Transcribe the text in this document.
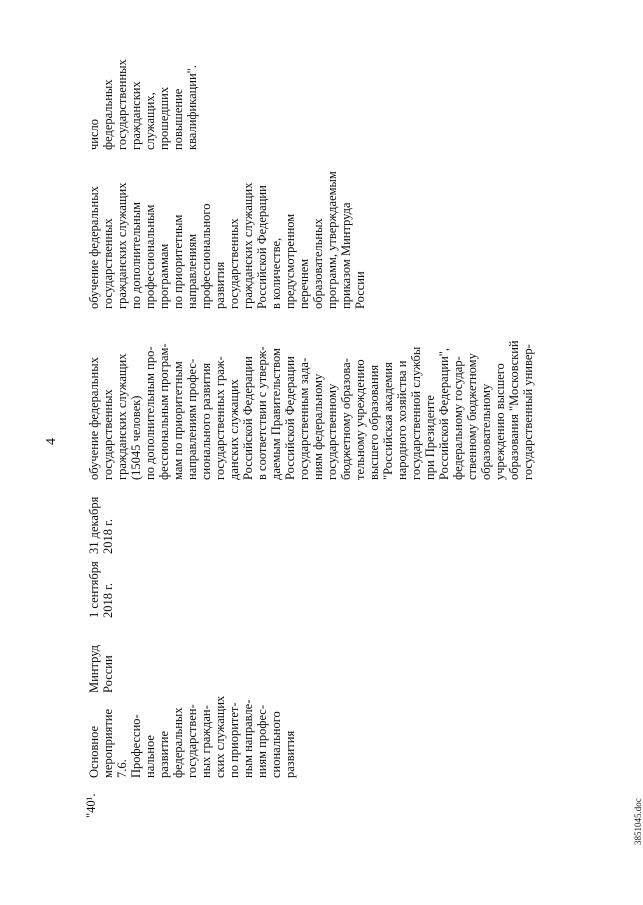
4
"40¹.
Основное
мероприятие
7.6.
Профессио-
нальное
развитие
федеральных
государствен-
ных граждан-
ских служащих
по приоритет-
ным направле-
ниям профес-
сионального
развития
Минтруд
России
1 сентября
2018 г.
31 декабря
2018 г.
обучение федеральных
государственных
гражданских служащих
(15045 человек)
по дополнительным про-
фессиональным програм-
мам по приоритетным
направлениям профес-
сионального развития
государственных граж-
данских служащих
Российской Федерации
в соответствии с утверж-
даемым Правительством
Российской Федерации
государственным зада-
ниям федеральному
государственному
бюджетному образова-
тельному учреждению
высшего образования
"Российская академия
народного хозяйства и
государственной службы
при Президенте
Российской Федерации",
федеральному государ-
ственному бюджетному
образовательному
учреждению высшего
образования "Московский
государственный универ-
обучение федеральных
государственных
гражданских служащих
по дополнительным
профессиональным
программам
по приоритетным
направлениям
профессионального
развития
государственных
гражданских служащих
Российской Федерации
в количестве,
предусмотренном
перечнем
образовательных
программ, утверждаемым
приказом Минтруда
России
число
федеральных
государственных
гражданских
служащих,
прошедших
повышение
квалификации".
3851045.doc
